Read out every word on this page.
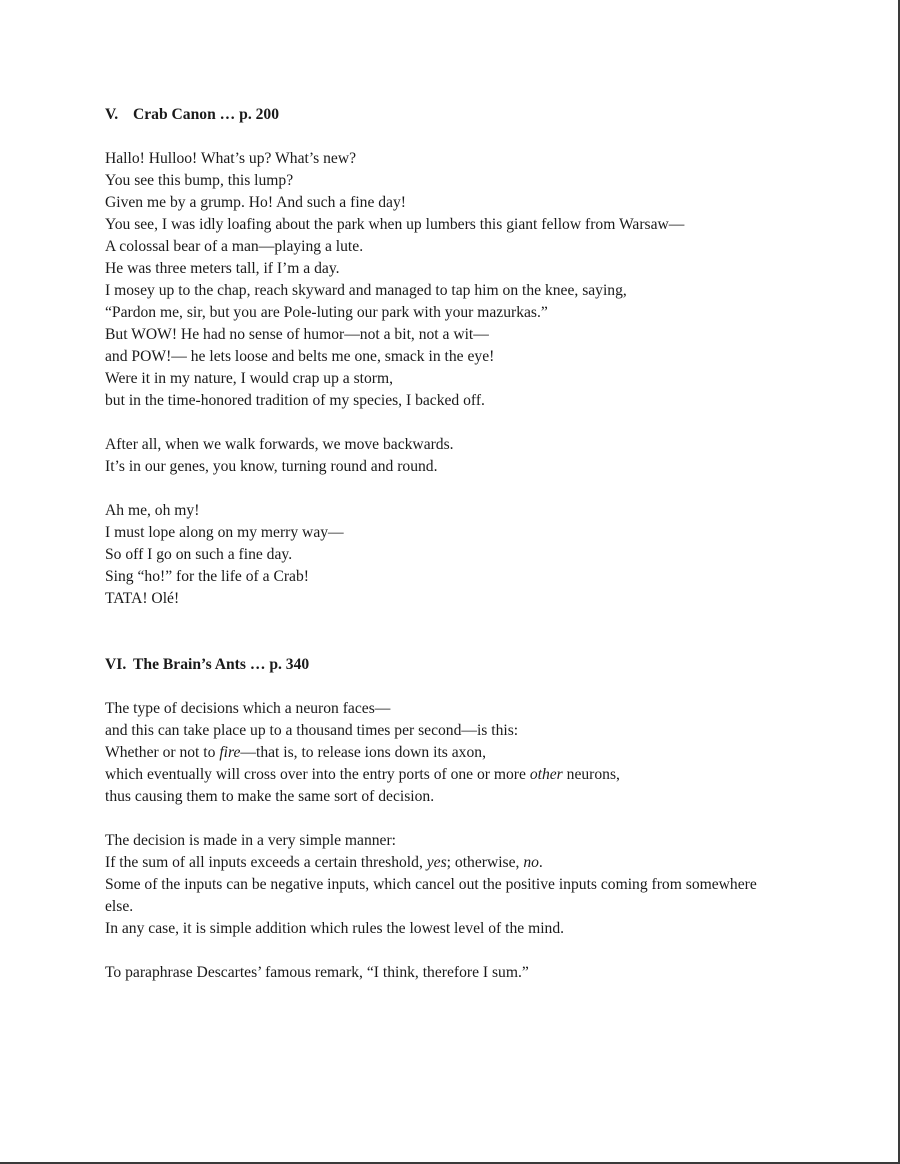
V. Crab Canon … p. 200

Hallo! Hulloo! What’s up? What’s new?
You see this bump, this lump?
Given me by a grump. Ho! And such a fine day!
You see, I was idly loafing about the park when up lumbers this giant fellow from Warsaw—
A colossal bear of a man—playing a lute.
He was three meters tall, if I’m a day.
I mosey up to the chap, reach skyward and managed to tap him on the knee, saying,
“Pardon me, sir, but you are Pole-luting our park with your mazurkas.”
But WOW! He had no sense of humor—not a bit, not a wit—
and POW!— he lets loose and belts me one, smack in the eye!
Were it in my nature, I would crap up a storm,
but in the time-honored tradition of my species, I backed off.
After all, when we walk forwards, we move backwards.
It’s in our genes, you know, turning round and round.
Ah me, oh my!
I must lope along on my merry way—
So off I go on such a fine day.
Sing “ho!” for the life of a Crab!
TATA! Olé!

VI. The Brain’s Ants … p. 340

The type of decisions which a neuron faces—
and this can take place up to a thousand times per second—is this:
Whether or not to fire—that is, to release ions down its axon,
which eventually will cross over into the entry ports of one or more other neurons,
thus causing them to make the same sort of decision.
The decision is made in a very simple manner:
If the sum of all inputs exceeds a certain threshold, yes; otherwise, no.
Some of the inputs can be negative inputs, which cancel out the positive inputs coming from somewhere else.
In any case, it is simple addition which rules the lowest level of the mind.
To paraphrase Descartes’ famous remark, “I think, therefore I sum.”
